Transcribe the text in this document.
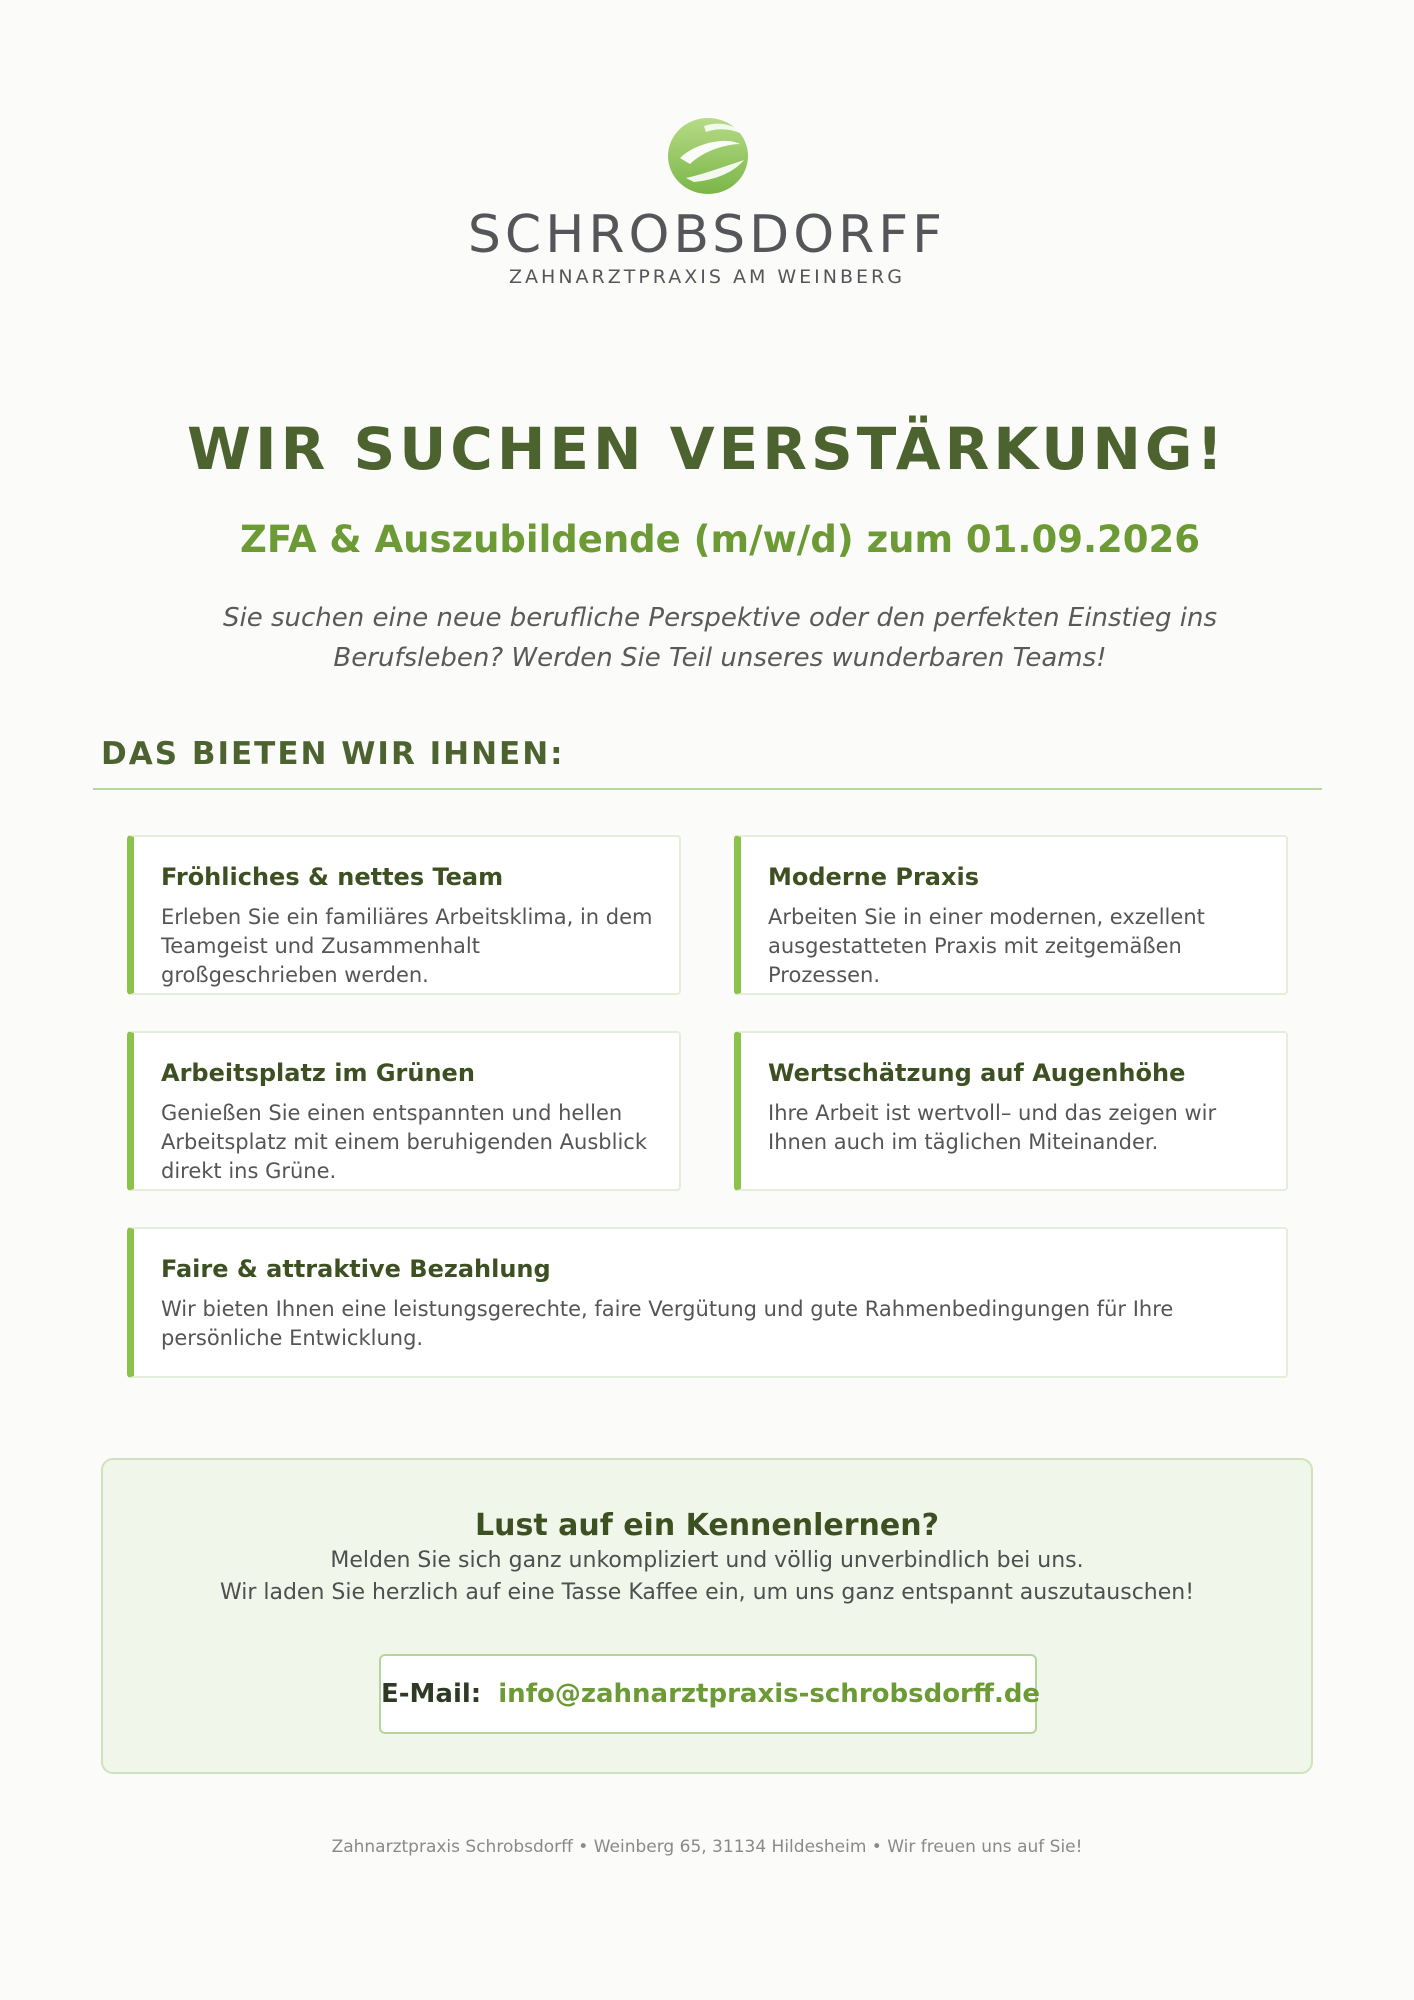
SCHROBSDORFF
ZAHNARZTPRAXIS AM WEINBERG
WIR SUCHEN VERSTÄRKUNG!
ZFA & Auszubildende (m/w/d) zum 01.09.2026
Sie suchen eine neue berufliche Perspektive oder den perfekten Einstieg ins
Berufsleben? Werden Sie Teil unseres wunderbaren Teams!
DAS BIETEN WIR IHNEN:
Fröhliches & nettes Team
Erleben Sie ein familiäres Arbeitsklima, in dem Teamgeist und Zusammenhalt großgeschrieben werden.
Moderne Praxis
Arbeiten Sie in einer modernen, exzellent ausgestatteten Praxis mit zeitgemäßen Prozessen.
Arbeitsplatz im Grünen
Genießen Sie einen entspannten und hellen Arbeitsplatz mit einem beruhigenden Ausblick direkt ins Grüne.
Wertschätzung auf Augenhöhe
Ihre Arbeit ist wertvoll– und das zeigen wir Ihnen auch im täglichen Miteinander.
Faire & attraktive Bezahlung
Wir bieten Ihnen eine leistungsgerechte, faire Vergütung und gute Rahmenbedingungen für Ihre persönliche Entwicklung.
Lust auf ein Kennenlernen?
Melden Sie sich ganz unkompliziert und völlig unverbindlich bei uns.
Wir laden Sie herzlich auf eine Tasse Kaffee ein, um uns ganz entspannt auszutauschen!
E-Mail: info@zahnarztpraxis-schrobsdorff.de
Zahnarztpraxis Schrobsdorff • Weinberg 65, 31134 Hildesheim • Wir freuen uns auf Sie!
